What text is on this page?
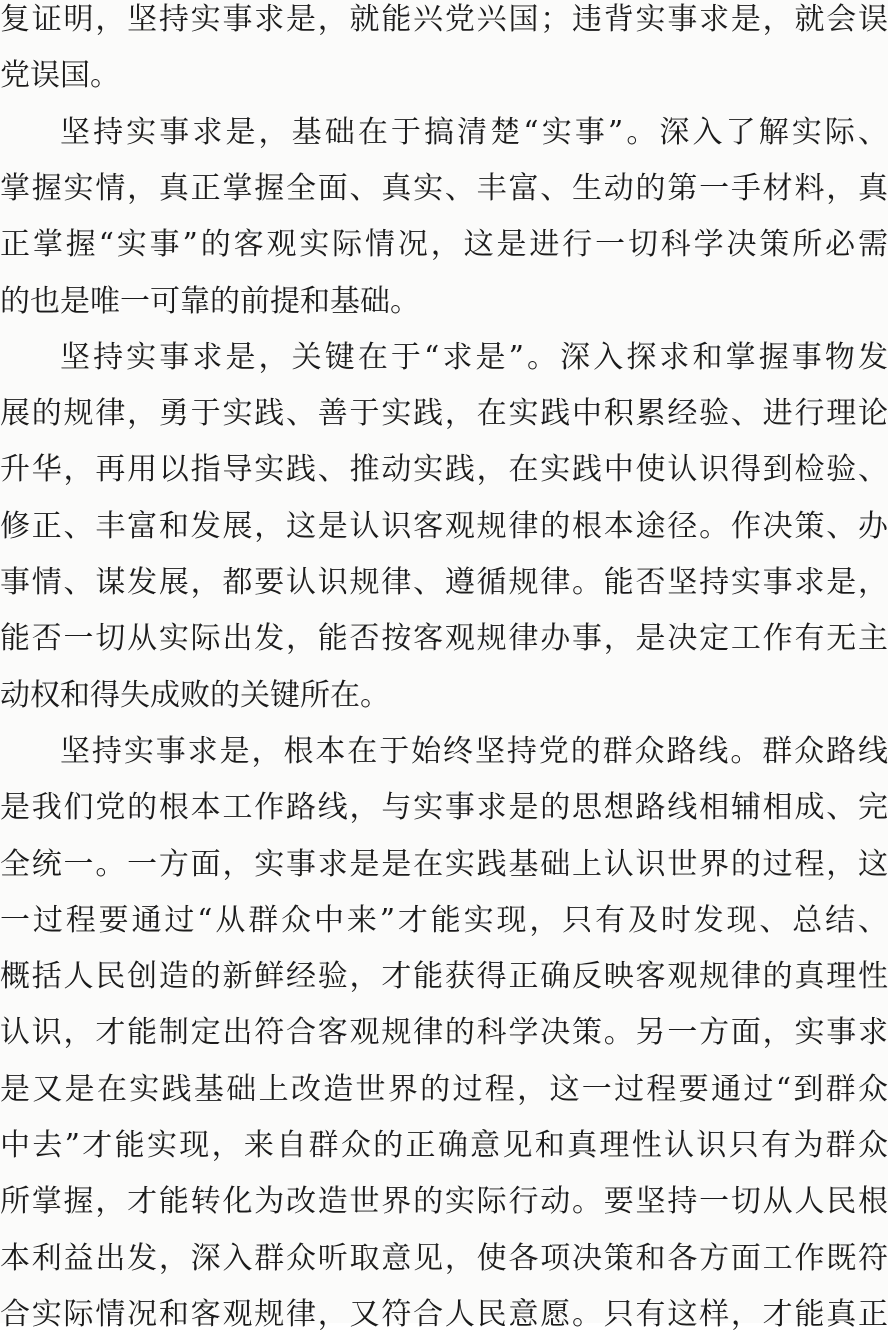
复证明，坚持实事求是，就能兴党兴国；违背实事求是，就会误
党误国。
坚持实事求是，基础在于搞清楚“实事”。深入了解实际、
掌握实情，真正掌握全面、真实、丰富、生动的第一手材料，真
正掌握“实事”的客观实际情况，这是进行一切科学决策所必需
的也是唯一可靠的前提和基础。
坚持实事求是，关键在于“求是”。深入探求和掌握事物发
展的规律，勇于实践、善于实践，在实践中积累经验、进行理论
升华，再用以指导实践、推动实践，在实践中使认识得到检验、
修正、丰富和发展，这是认识客观规律的根本途径。作决策、办
事情、谋发展，都要认识规律、遵循规律。能否坚持实事求是，
能否一切从实际出发，能否按客观规律办事，是决定工作有无主
动权和得失成败的关键所在。
坚持实事求是，根本在于始终坚持党的群众路线。群众路线
是我们党的根本工作路线，与实事求是的思想路线相辅相成、完
全统一。一方面，实事求是是在实践基础上认识世界的过程，这
一过程要通过“从群众中来”才能实现，只有及时发现、总结、
概括人民创造的新鲜经验，才能获得正确反映客观规律的真理性
认识，才能制定出符合客观规律的科学决策。另一方面，实事求
是又是在实践基础上改造世界的过程，这一过程要通过“到群众
中去”才能实现，来自群众的正确意见和真理性认识只有为群众
所掌握，才能转化为改造世界的实际行动。要坚持一切从人民根
本利益出发，深入群众听取意见，使各项决策和各方面工作既符
合实际情况和客观规律，又符合人民意愿。只有这样，才能真正
